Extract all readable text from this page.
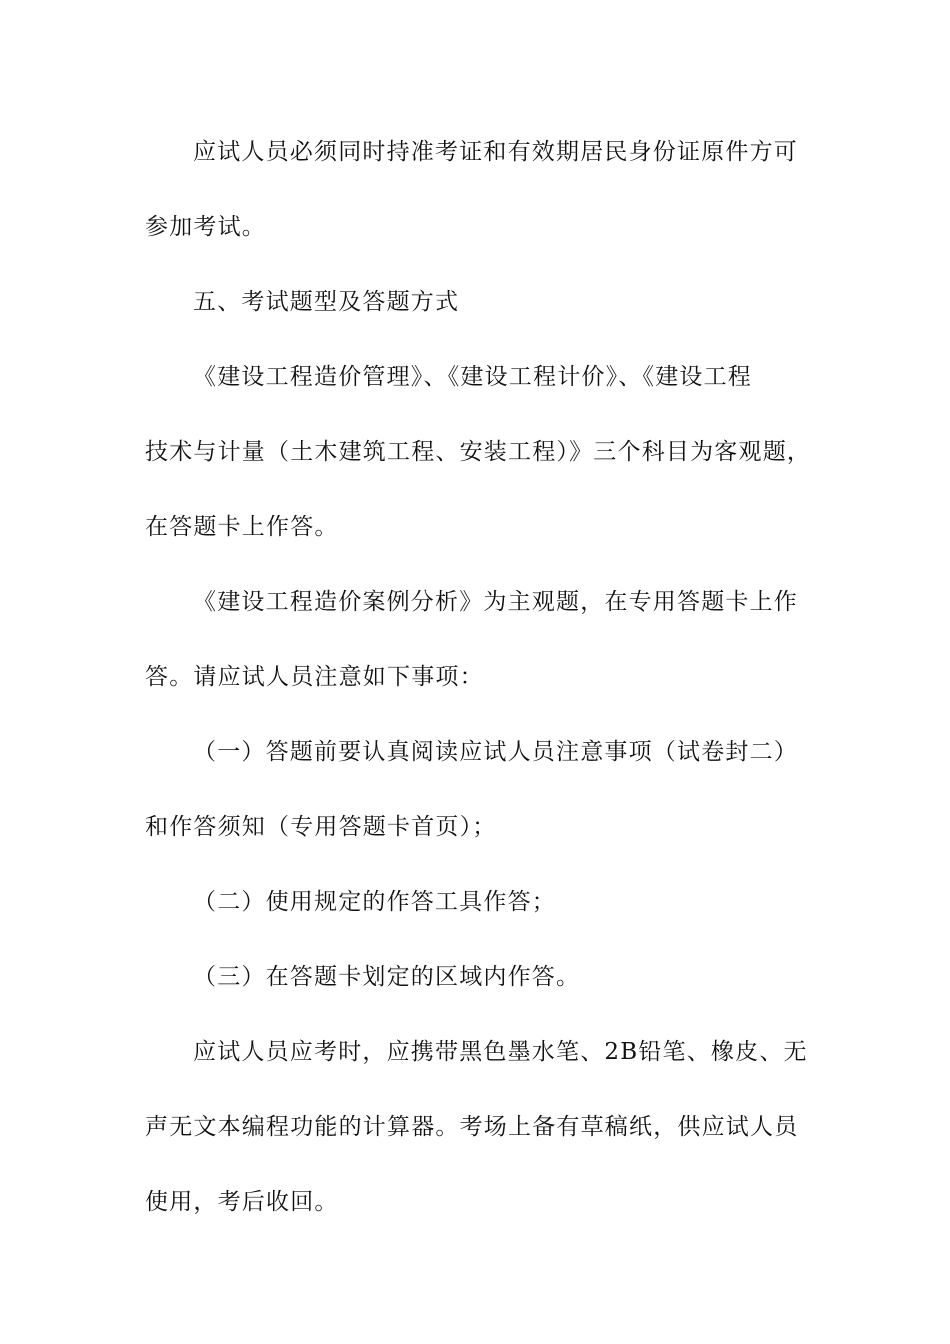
应试人员必须同时持准考证和有效期居民身份证原件方可
参加考试。
五、考试题型及答题方式
《建设工程造价管理》、《建设工程计价》、《建设工程
技术与计量（土木建筑工程、安装工程）》三个科目为客观题，
在答题卡上作答。
《建设工程造价案例分析》为主观题，在专用答题卡上作
答。请应试人员注意如下事项：
（一）答题前要认真阅读应试人员注意事项（试卷封二）
和作答须知（专用答题卡首页）；
（二）使用规定的作答工具作答；
（三）在答题卡划定的区域内作答。
应试人员应考时，应携带黑色墨水笔、2B铅笔、橡皮、无
声无文本编程功能的计算器。考场上备有草稿纸，供应试人员
使用，考后收回。
